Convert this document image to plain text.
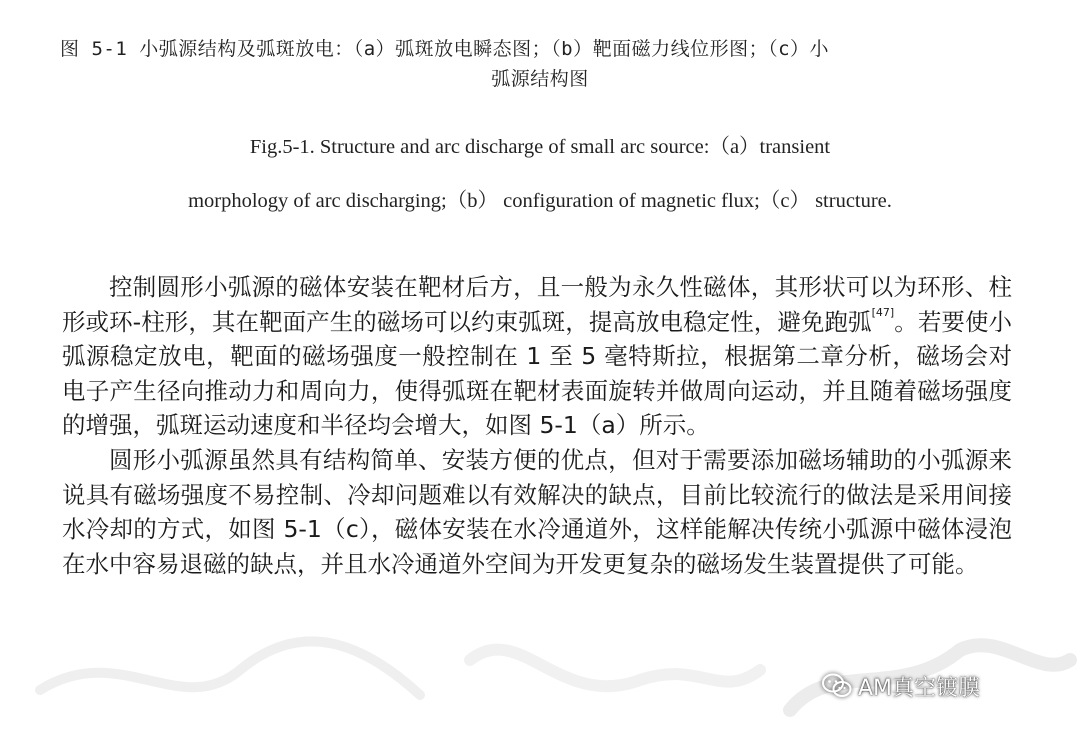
图 5-1 小弧源结构及弧斑放电：（a）弧斑放电瞬态图；（b）靶面磁力线位形图；（c）小
弧源结构图
Fig.5-1. Structure and arc discharge of small arc source:（a）transient
morphology of arc discharging;（b） configuration of magnetic flux;（c） structure.

控制圆形小弧源的磁体安装在靶材后方，且一般为永久性磁体，其形状可以为环形、柱形或环-柱形，其在靶面产生的磁场可以约束弧斑，提高放电稳定性，避免跑弧[47]。若要使小弧源稳定放电，靶面的磁场强度一般控制在 1 至 5 毫特斯拉，根据第二章分析，磁场会对电子产生径向推动力和周向力，使得弧斑在靶材表面旋转并做周向运动，并且随着磁场强度的增强，弧斑运动速度和半径均会增大，如图 5-1（a）所示。

圆形小弧源虽然具有结构简单、安装方便的优点，但对于需要添加磁场辅助的小弧源来说具有磁场强度不易控制、冷却问题难以有效解决的缺点，目前比较流行的做法是采用间接水冷却的方式，如图 5-1（c），磁体安装在水冷通道外，这样能解决传统小弧源中磁体浸泡在水中容易退磁的缺点，并且水冷通道外空间为开发更复杂的磁场发生装置提供了可能。

AM真空镀膜
